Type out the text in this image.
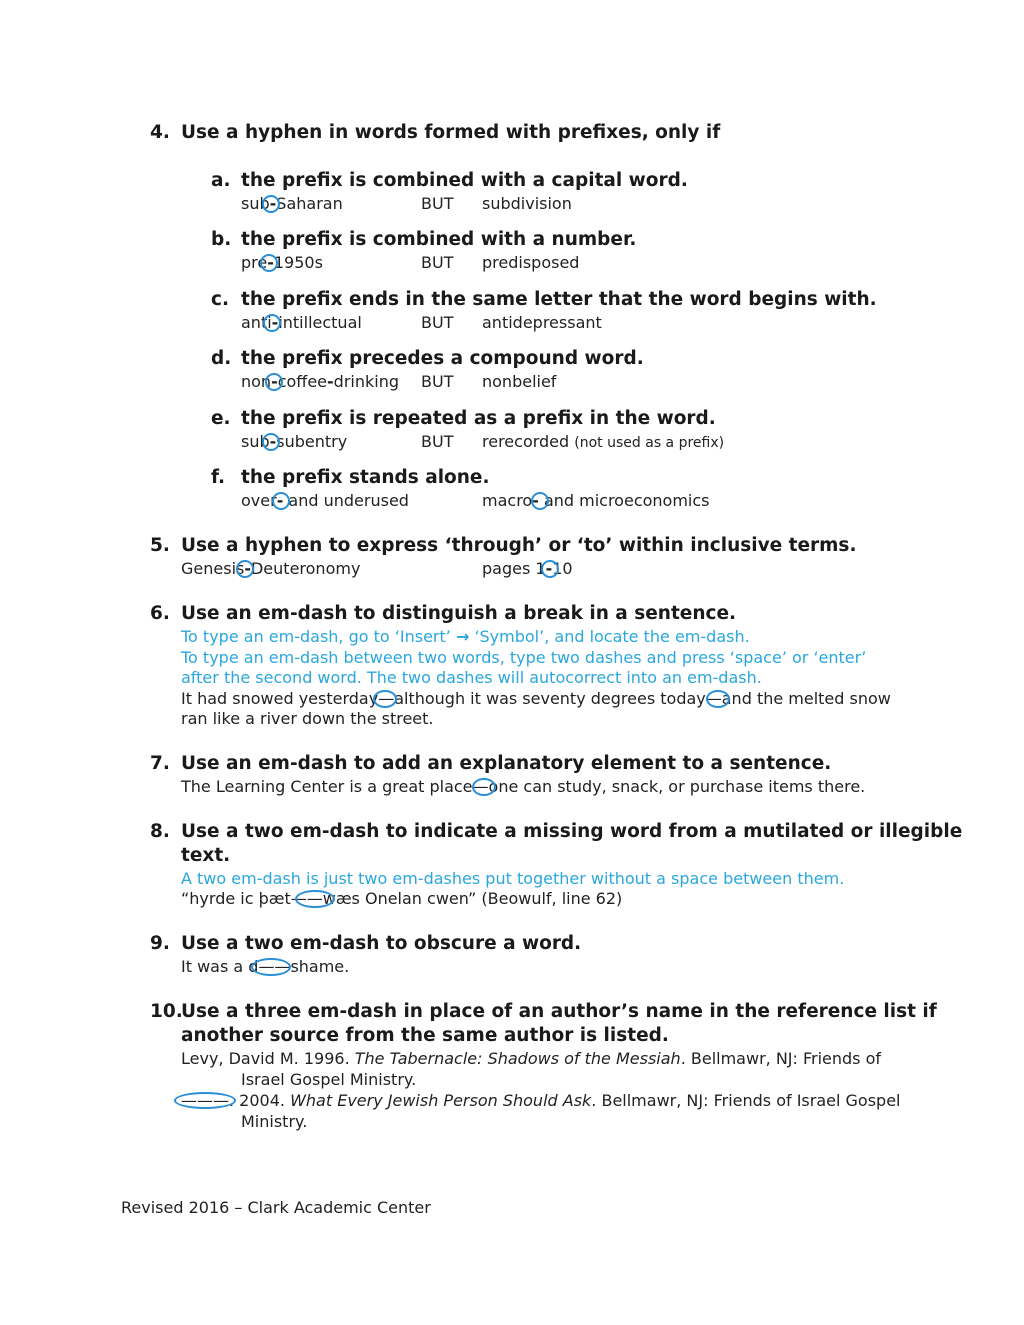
4. Use a hyphen in words formed with prefixes, only if
a. the prefix is combined with a capital word.
sub-Saharan	BUT subdivision
b. the prefix is combined with a number.
pre-1950s	BUT predisposed
c. the prefix ends in the same letter that the word begins with.
anti-intillectual	BUT antidepressant
d. the prefix precedes a compound word.
non-coffee-drinking BUT nonbelief
e. the prefix is repeated as a prefix in the word.
sub-subentry	BUT rerecorded (not used as a prefix)
f. the prefix stands alone.
over- and underused	macro- and microeconomics
5. Use a hyphen to express ‘through’ or ‘to’ within inclusive terms.
Genesis-Deuteronomy	pages 1-10
6. Use an em-dash to distinguish a break in a sentence.
To type an em-dash, go to ‘Insert’ → ‘Symbol’, and locate the em-dash.
To type an em-dash between two words, type two dashes and press ‘space’ or ‘enter’
after the second word. The two dashes will autocorrect into an em-dash.
It had snowed yesterday—although it was seventy degrees today—and the melted snow
ran like a river down the street.
7. Use an em-dash to add an explanatory element to a sentence.
The Learning Center is a great place—one can study, snack, or purchase items there.
8. Use a two em-dash to indicate a missing word from a mutilated or illegible
text.
A two em-dash is just two em-dashes put together without a space between them.
“hyrde ic þæt——wæs Onelan cwen” (Beowulf, line 62)
9. Use a two em-dash to obscure a word.
It was a d——shame.
10.
Use a three em-dash in place of an author’s name in the reference list if
another source from the same author is listed.
Levy, David M. 1996. The Tabernacle: Shadows of the Messiah. Bellmawr, NJ: Friends of
Israel Gospel Ministry.
———. 2004. What Every Jewish Person Should Ask. Bellmawr, NJ: Friends of Israel Gospel
Ministry.
Revised 2016 – Clark Academic Center
